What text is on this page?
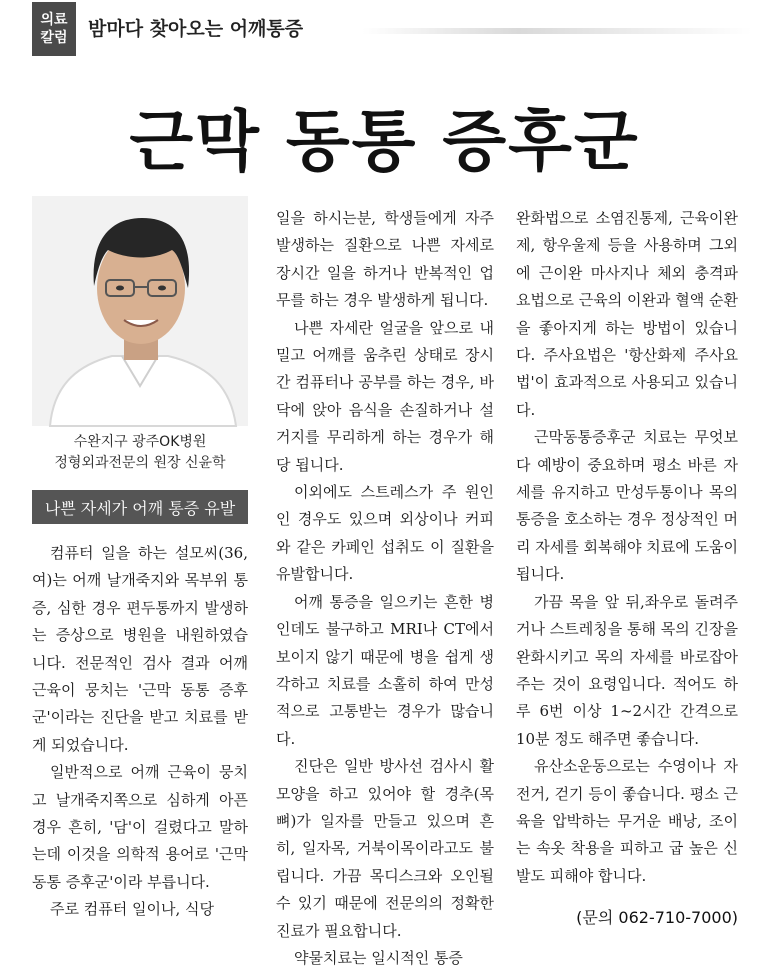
의료
칼럼 밤마다 찾아오는 어깨통증
근막 동통 증후군
수완지구 광주OK병원
정형외과전문의 원장 신윤학
나쁜 자세가 어깨 통증 유발

컴퓨터 일을 하는 설모씨(36,여)는 어깨 날개죽지와 목부위 통증, 심한 경우 편두통까지 발생하는 증상으로 병원을 내원하였습니다. 전문적인 검사 결과 어깨 근육이 뭉치는 '근막 동통 증후군'이라는 진단을 받고 치료를 받게 되었습니다.

일반적으로 어깨 근육이 뭉치고 날개죽지쪽으로 심하게 아픈 경우 흔히, '담'이 걸렸다고 말하는데 이것을 의학적 용어로 '근막 동통 증후군'이라 부릅니다.

주로 컴퓨터 일이나, 식당

일을 하시는분, 학생들에게 자주 발생하는 질환으로 나쁜 자세로 장시간 일을 하거나 반복적인 업무를 하는 경우 발생하게 됩니다.

나쁜 자세란 얼굴을 앞으로 내밀고 어깨를 움추린 상태로 장시간 컴퓨터나 공부를 하는 경우, 바닥에 앉아 음식을 손질하거나 설거지를 무리하게 하는 경우가 해당 됩니다.

이외에도 스트레스가 주 원인인 경우도 있으며 외상이나 커피와 같은 카페인 섭취도 이 질환을 유발합니다.

어깨 통증을 일으키는 흔한 병인데도 불구하고 MRI나 CT에서 보이지 않기 때문에 병을 쉽게 생각하고 치료를 소홀히 하여 만성적으로 고통받는 경우가 많습니다.

진단은 일반 방사선 검사시 활모양을 하고 있어야 할 경추(목뼈)가 일자를 만들고 있으며 흔히, 일자목, 거북이목이라고도 불립니다. 가끔 목디스크와 오인될수 있기 때문에 전문의의 정확한 진료가 필요합니다.

약물치료는 일시적인 통증

완화법으로 소염진통제, 근육이완제, 항우울제 등을 사용하며 그외에 근이완 마사지나 체외 충격파 요법으로 근육의 이완과 혈액 순환을 좋아지게 하는 방법이 있습니다. 주사요법은 '항산화제 주사요법'이 효과적으로 사용되고 있습니다.

근막동통증후군 치료는 무엇보다 예방이 중요하며 평소 바른 자세를 유지하고 만성두통이나 목의 통증을 호소하는 경우 정상적인 머리 자세를 회복해야 치료에 도움이 됩니다.

가끔 목을 앞 뒤,좌우로 돌려주거나 스트레칭을 통해 목의 긴장을 완화시키고 목의 자세를 바로잡아주는 것이 요령입니다. 적어도 하루 6번 이상 1~2시간 간격으로 10분 정도 해주면 좋습니다.

유산소운동으로는 수영이나 자전거, 걷기 등이 좋습니다. 평소 근육을 압박하는 무거운 배낭, 조이는 속옷 착용을 피하고 굽 높은 신발도 피해야 합니다.

(문의 062-710-7000)
